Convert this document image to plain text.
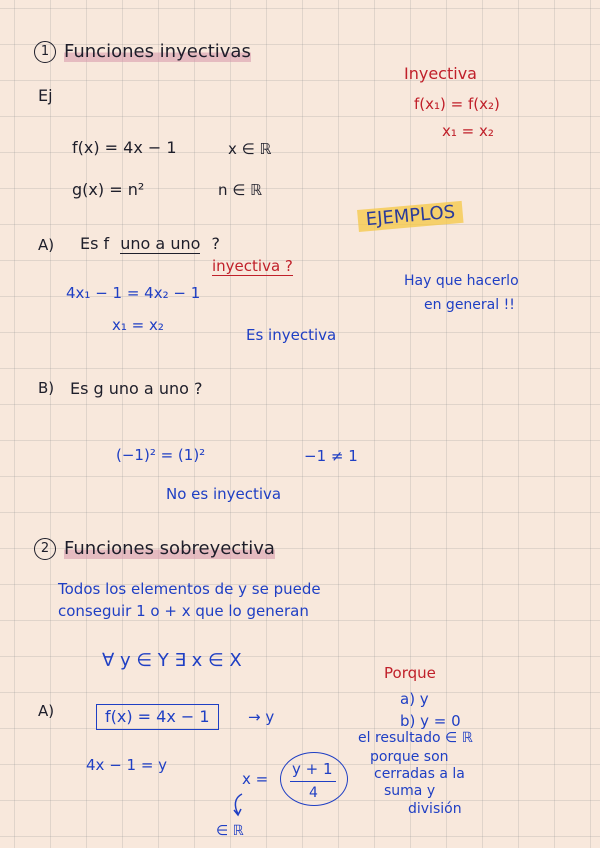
1 Funciones inyectivas
Ej
Inyectiva
f(x₁) = f(x₂)
x₁ = x₂
f(x) = 4x − 1	x ∈ ℝ
g(x) = n²	n ∈ ℝ
EJEMPLOS
A) Es f uno a uno ?
inyectiva ?
4x₁ − 1 = 4x₂ − 1
x₁ = x₂
Es inyectiva
Hay que hacerlo
en general !!
B) Es g uno a uno ?
(−1)² = (1)²	−1 ≠ 1
No es inyectiva
2 Funciones sobreyectiva
Todos los elementos de y se puede
conseguir 1 o + x que lo generan
∀ y ∈ Y ∃ x ∈ X
Porque
a) y
b) y = 0
el resultado ∈ ℝ
porque son
cerradas a la
suma y
división
A)	f(x) = 4x − 1	→ y
4x − 1 = y
x =
y + 1
4
∈ ℝ
